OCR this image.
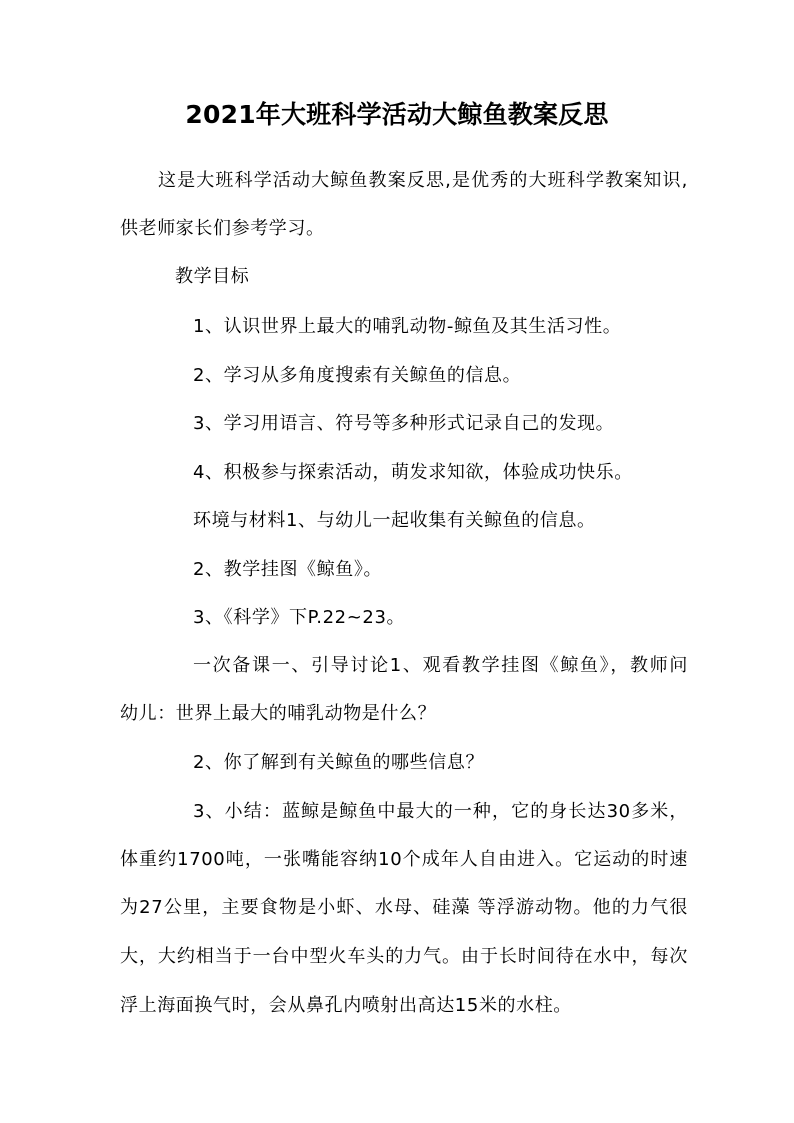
2021年大班科学活动大鲸鱼教案反思
这是大班科学活动大鲸鱼教案反思,是优秀的大班科学教案知识,
供老师家长们参考学习。
教学目标
1、认识世界上最大的哺乳动物-鲸鱼及其生活习性。
2、学习从多角度搜索有关鲸鱼的信息。
3、学习用语言、符号等多种形式记录自己的发现。
4、积极参与探索活动，萌发求知欲，体验成功快乐。
环境与材料1、与幼儿一起收集有关鲸鱼的信息。
2、教学挂图《鲸鱼》。
3、《科学》下P.22~23。
一次备课一、引导讨论1、观看教学挂图《鲸鱼》，教师问
幼儿：世界上最大的哺乳动物是什么？
2、你了解到有关鲸鱼的哪些信息？
3、小结：蓝鲸是鲸鱼中最大的一种，它的身长达30多米，
体重约1700吨，一张嘴能容纳10个成年人自由进入。它运动的时速
为27公里，主要食物是小虾、水母、硅藻 等浮游动物。他的力气很
大，大约相当于一台中型火车头的力气。由于长时间待在水中，每次
浮上海面换气时，会从鼻孔内喷射出高达15米的水柱。
